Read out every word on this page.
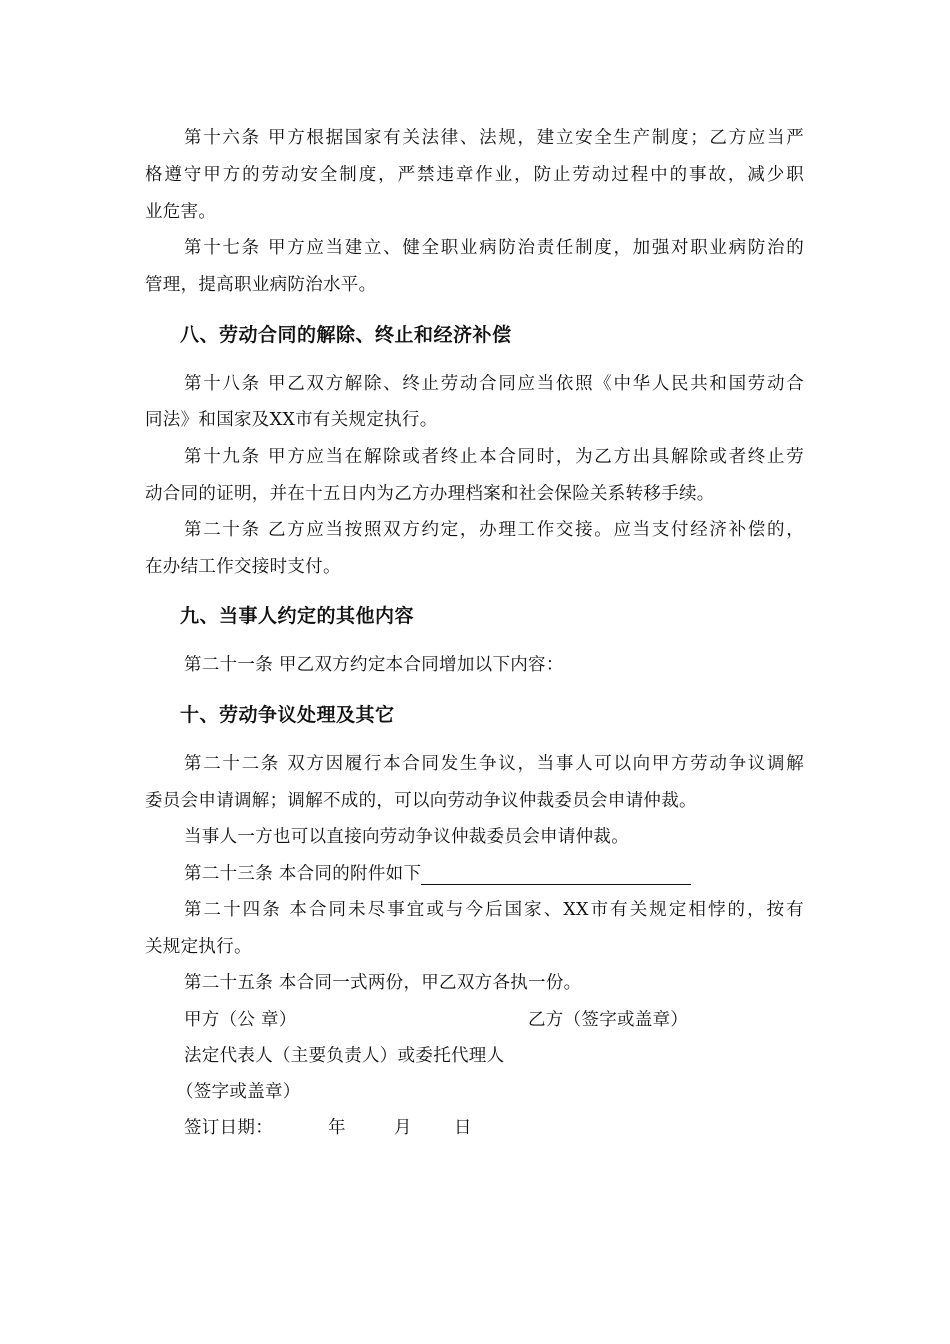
第十六条 甲方根据国家有关法律、法规，建立安全生产制度；乙方应当严
格遵守甲方的劳动安全制度，严禁违章作业，防止劳动过程中的事故，减少职
业危害。
第十七条 甲方应当建立、健全职业病防治责任制度，加强对职业病防治的
管理，提高职业病防治水平。
八、劳动合同的解除、终止和经济补偿
第十八条 甲乙双方解除、终止劳动合同应当依照《中华人民共和国劳动合
同法》和国家及XX市有关规定执行。
第十九条 甲方应当在解除或者终止本合同时，为乙方出具解除或者终止劳
动合同的证明，并在十五日内为乙方办理档案和社会保险关系转移手续。
第二十条 乙方应当按照双方约定，办理工作交接。应当支付经济补偿的，
在办结工作交接时支付。
九、当事人约定的其他内容
第二十一条 甲乙双方约定本合同增加以下内容：
十、劳动争议处理及其它
第二十二条 双方因履行本合同发生争议，当事人可以向甲方劳动争议调解
委员会申请调解；调解不成的，可以向劳动争议仲裁委员会申请仲裁。
当事人一方也可以直接向劳动争议仲裁委员会申请仲裁。
第二十三条 本合同的附件如下
第二十四条 本合同未尽事宜或与今后国家、XX市有关规定相悖的，按有
关规定执行。
第二十五条 本合同一式两份，甲乙双方各执一份。
甲方（公 章）	乙方（签字或盖章）
法定代表人（主要负责人）或委托代理人
（签字或盖章）
签订日期：	年	月 日
